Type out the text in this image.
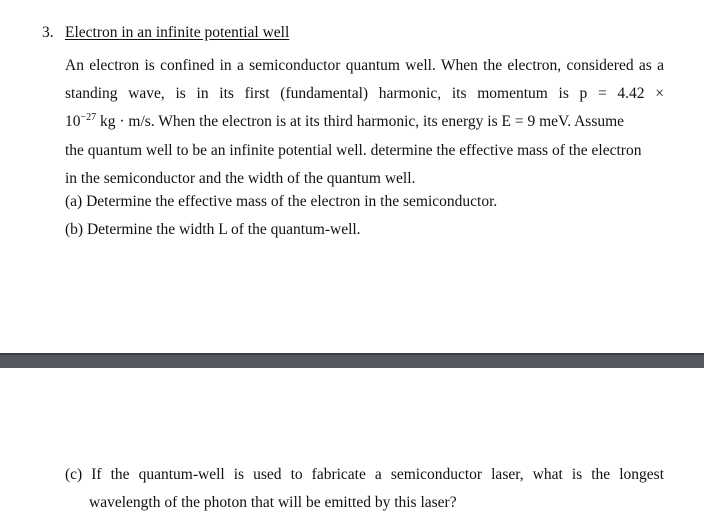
3. Electron in an infinite potential well
An electron is confined in a semiconductor quantum well. When the electron, considered as a
standing wave, is in its first (fundamental) harmonic, its momentum is p = 4.42 ×
$10^{-27}$ kg · m/s. When the electron is at its third harmonic, its energy is E = 9 meV. Assume
the quantum well to be an infinite potential well. determine the effective mass of the electron
in the semiconductor and the width of the quantum well.
(a) Determine the effective mass of the electron in the semiconductor.
(b) Determine the width L of the quantum-well.
(c) If the quantum-well is used to fabricate a semiconductor laser, what is the longest
wavelength of the photon that will be emitted by this laser?
